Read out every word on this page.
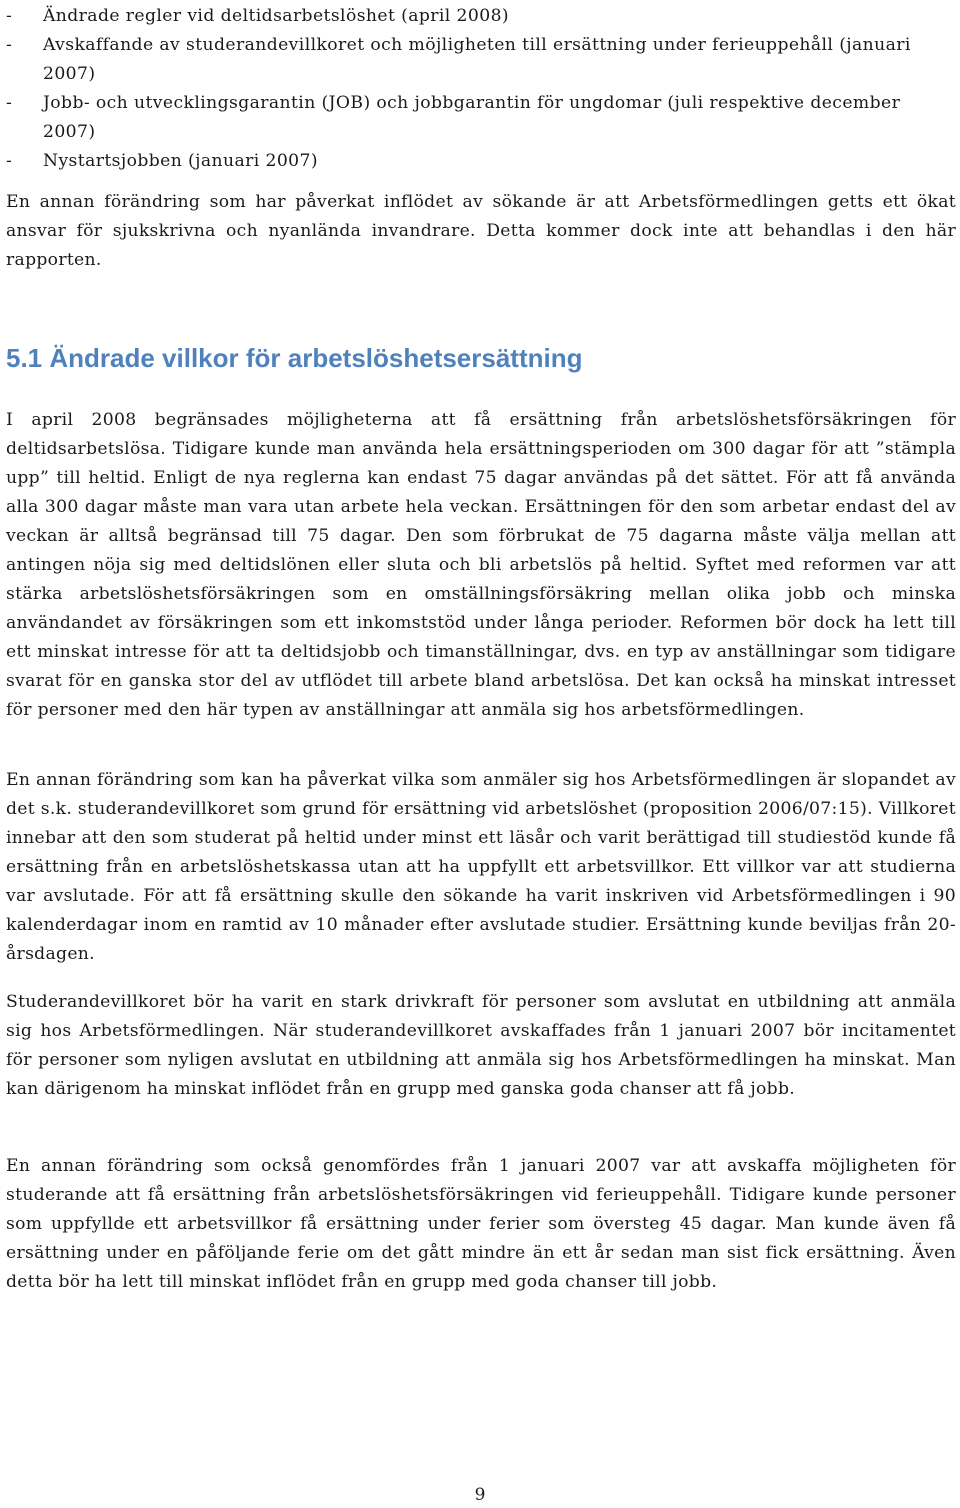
- Ändrade regler vid deltidsarbetslöshet (april 2008)
- Avskaffande av studerandevillkoret och möjligheten till ersättning under ferieuppehåll (januari 2007)
- Jobb- och utvecklingsgarantin (JOB) och jobbgarantin för ungdomar (juli respektive december 2007)
- Nystartsjobben (januari 2007)

En annan förändring som har påverkat inflödet av sökande är att Arbetsförmedlingen getts ett ökat ansvar för sjukskrivna och nyanlända invandrare. Detta kommer dock inte att behandlas i den här rapporten.

5.1 Ändrade villkor för arbetslöshetsersättning

I april 2008 begränsades möjligheterna att få ersättning från arbetslöshetsförsäkringen för deltidsarbetslösa. Tidigare kunde man använda hela ersättningsperioden om 300 dagar för att ”stämpla upp” till heltid. Enligt de nya reglerna kan endast 75 dagar användas på det sättet. För att få använda alla 300 dagar måste man vara utan arbete hela veckan. Ersättningen för den som arbetar endast del av veckan är alltså begränsad till 75 dagar. Den som förbrukat de 75 dagarna måste välja mellan att antingen nöja sig med deltidslönen eller sluta och bli arbetslös på heltid. Syftet med reformen var att stärka arbetslöshetsförsäkringen som en omställningsförsäkring mellan olika jobb och minska användandet av försäkringen som ett inkomststöd under långa perioder. Reformen bör dock ha lett till ett minskat intresse för att ta deltidsjobb och timanställningar, dvs. en typ av anställningar som tidigare svarat för en ganska stor del av utflödet till arbete bland arbetslösa. Det kan också ha minskat intresset för personer med den här typen av anställningar att anmäla sig hos arbetsförmedlingen.

En annan förändring som kan ha påverkat vilka som anmäler sig hos Arbetsförmedlingen är slopandet av det s.k. studerandevillkoret som grund för ersättning vid arbetslöshet (proposition 2006/07:15). Villkoret innebar att den som studerat på heltid under minst ett läsår och varit berättigad till studiestöd kunde få ersättning från en arbetslöshetskassa utan att ha uppfyllt ett arbetsvillkor. Ett villkor var att studierna var avslutade. För att få ersättning skulle den sökande ha varit inskriven vid Arbetsförmedlingen i 90 kalenderdagar inom en ramtid av 10 månader efter avslutade studier. Ersättning kunde beviljas från 20-årsdagen.

Studerandevillkoret bör ha varit en stark drivkraft för personer som avslutat en utbildning att anmäla sig hos Arbetsförmedlingen. När studerandevillkoret avskaffades från 1 januari 2007 bör incitamentet för personer som nyligen avslutat en utbildning att anmäla sig hos Arbetsförmedlingen ha minskat. Man kan därigenom ha minskat inflödet från en grupp med ganska goda chanser att få jobb.

En annan förändring som också genomfördes från 1 januari 2007 var att avskaffa möjligheten för studerande att få ersättning från arbetslöshetsförsäkringen vid ferieuppehåll. Tidigare kunde personer som uppfyllde ett arbetsvillkor få ersättning under ferier som översteg 45 dagar. Man kunde även få ersättning under en påföljande ferie om det gått mindre än ett år sedan man sist fick ersättning. Även detta bör ha lett till minskat inflödet från en grupp med goda chanser till jobb.

9
